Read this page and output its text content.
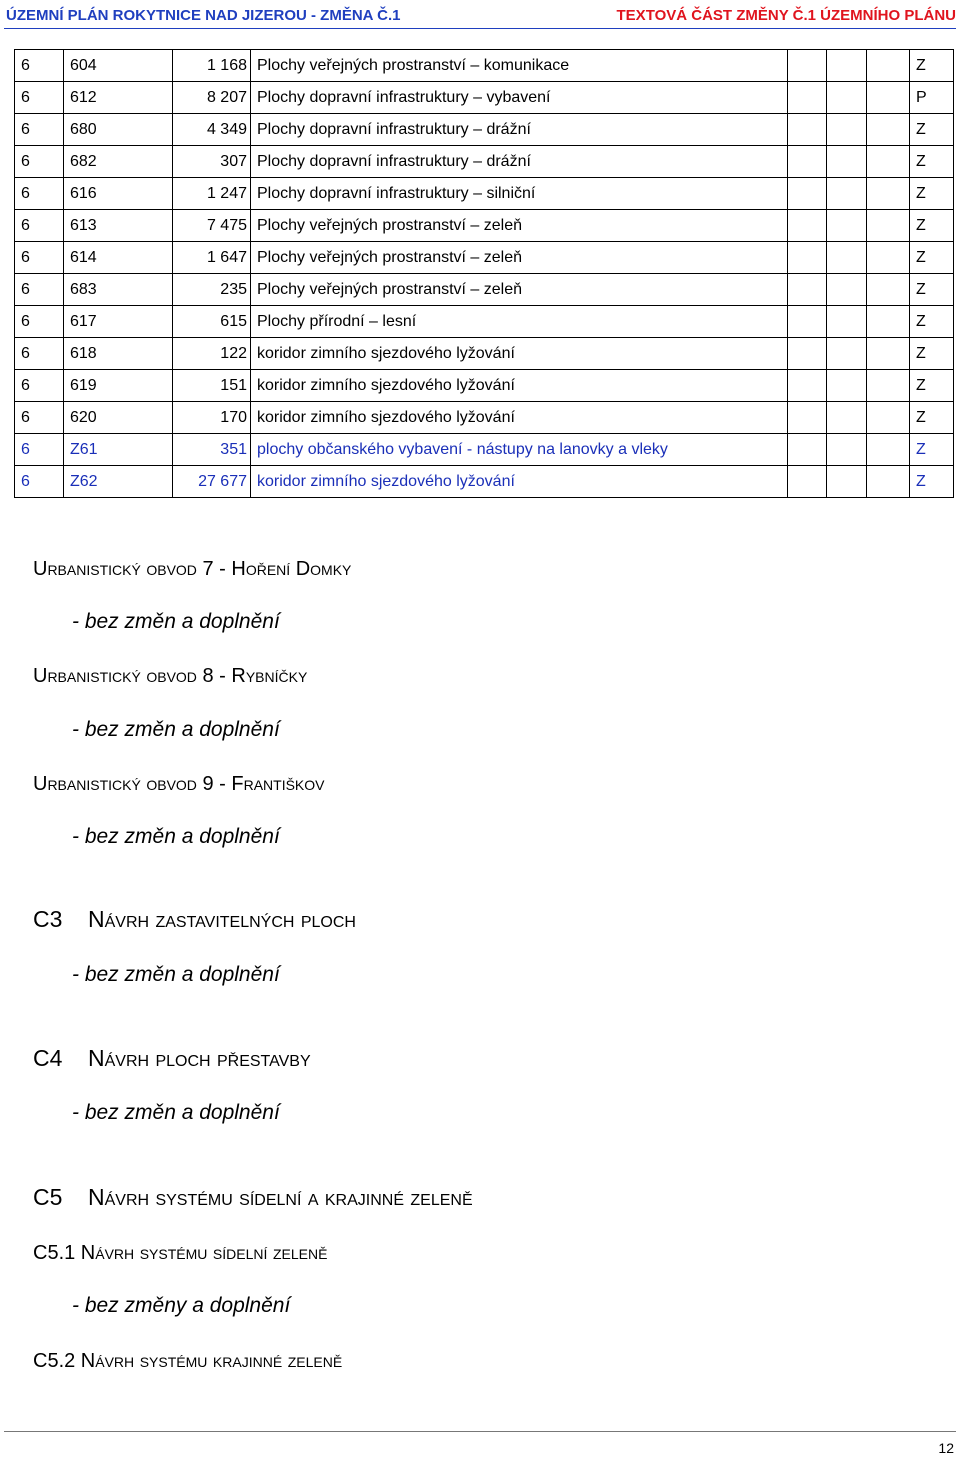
ÚZEMNÍ PLÁN ROKYTNICE NAD JIZEROU - ZMĚNA Č.1	TEXTOVÁ ČÁST ZMĚNY Č.1 ÚZEMNÍHO PLÁNU
6	604	1 168	Plochy veřejných prostranství – komunikace				Z
6	612	8 207	Plochy dopravní infrastruktury – vybavení				P
6	680	4 349	Plochy dopravní infrastruktury – drážní				Z
6	682	307	Plochy dopravní infrastruktury – drážní				Z
6	616	1 247	Plochy dopravní infrastruktury – silniční				Z
6	613	7 475	Plochy veřejných prostranství – zeleň				Z
6	614	1 647	Plochy veřejných prostranství – zeleň				Z
6	683	235	Plochy veřejných prostranství – zeleň				Z
6	617	615	Plochy přírodní – lesní				Z
6	618	122	koridor zimního sjezdového lyžování				Z
6	619	151	koridor zimního sjezdového lyžování				Z
6	620	170	koridor zimního sjezdového lyžování				Z
6	Z61	351	plochy občanského vybavení - nástupy na lanovky a vleky				Z
6	Z62	27 677	koridor zimního sjezdového lyžování				Z
Urbanistický obvod 7 - Hoření Domky
- bez změn a doplnění
Urbanistický obvod 8 - Rybníčky
- bez změn a doplnění
Urbanistický obvod 9 - Františkov
- bez změn a doplnění
C3 Návrh zastavitelných ploch
- bez změn a doplnění
C4 Návrh ploch přestavby
- bez změn a doplnění
C5 Návrh systému sídelní a krajinné zeleně
C5.1 Návrh systému sídelní zeleně
- bez změny a doplnění
C5.2 Návrh systému krajinné zeleně
12
